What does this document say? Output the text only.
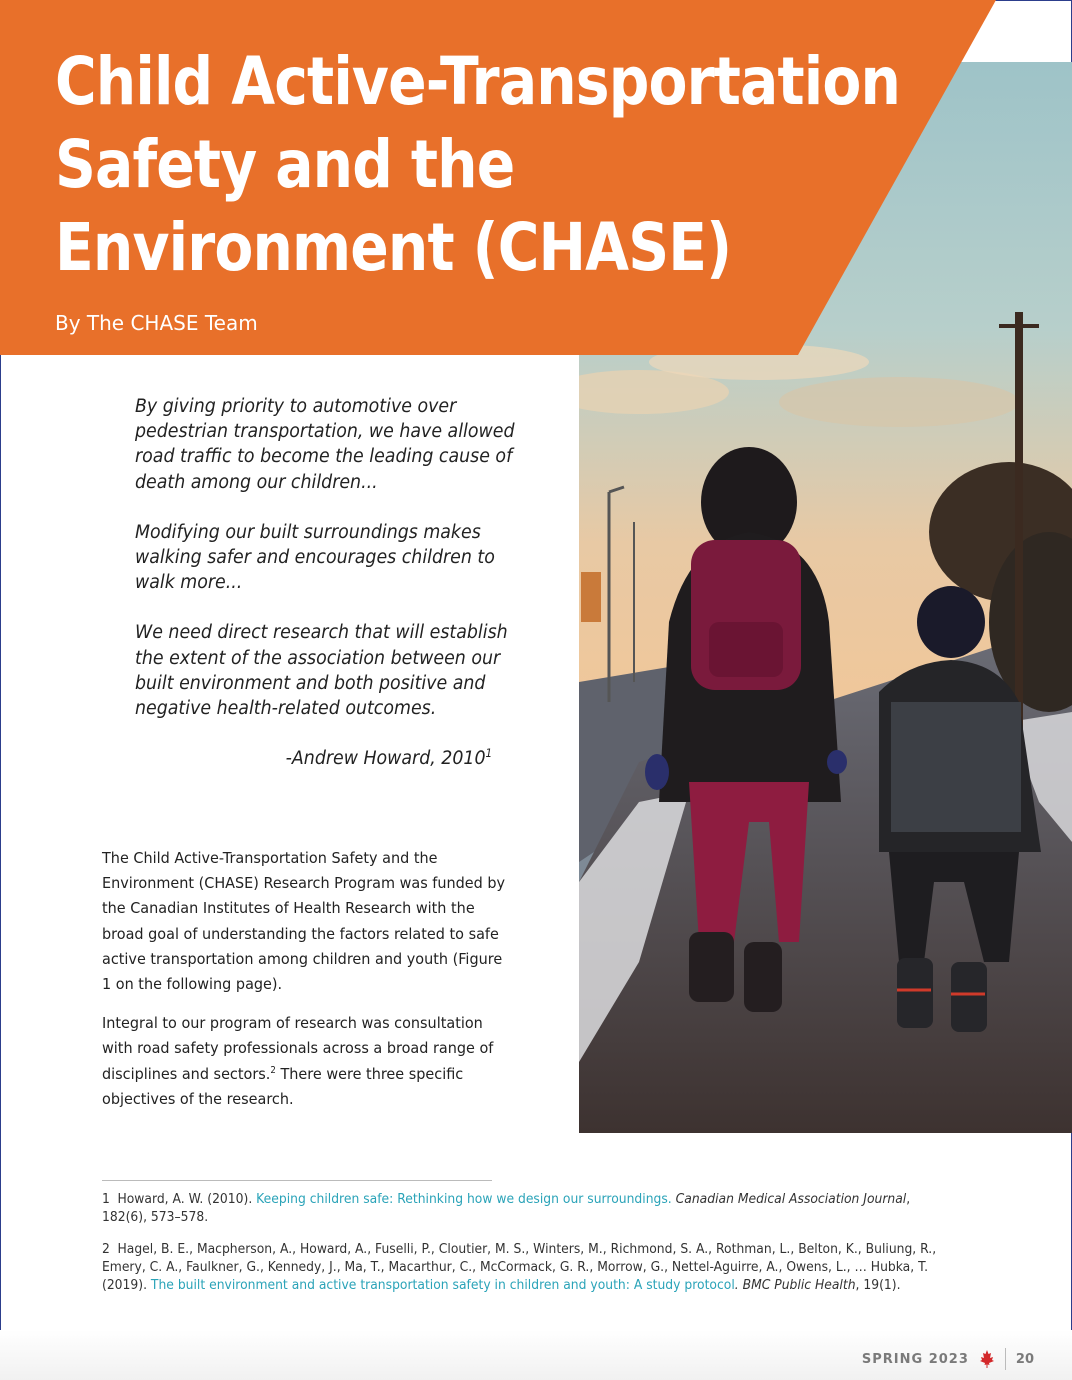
Child Active-Transportation
Safety and the
Environment (CHASE)
By The CHASE Team

By giving priority to automotive over pedestrian transportation, we have allowed road traffic to become the leading cause of death among our children...

Modifying our built surroundings makes walking safer and encourages children to walk more...

We need direct research that will establish the extent of the association between our built environment and both positive and negative health-related outcomes.

-Andrew Howard, 2010$^1$

The Child Active-Transportation Safety and the Environment (CHASE) Research Program was funded by the Canadian Institutes of Health Research with the broad goal of understanding the factors related to safe active transportation among children and youth (Figure 1 on the following page).

Integral to our program of research was consultation with road safety professionals across a broad range of disciplines and sectors.$^2$ There were three specific objectives of the research.

1 Howard, A. W. (2010). Keeping children safe: Rethinking how we design our surroundings. Canadian Medical Association Journal, 182(6), 573–578.

2 Hagel, B. E., Macpherson, A., Howard, A., Fuselli, P., Cloutier, M. S., Winters, M., Richmond, S. A., Rothman, L., Belton, K., Buliung, R., Emery, C. A., Faulkner, G., Kennedy, J., Ma, T., Macarthur, C., McCormack, G. R., Morrow, G., Nettel-Aguirre, A., Owens, L., … Hubka, T. (2019). The built environment and active transportation safety in children and youth: A study protocol. BMC Public Health, 19(1).

SPRING 2023	20
